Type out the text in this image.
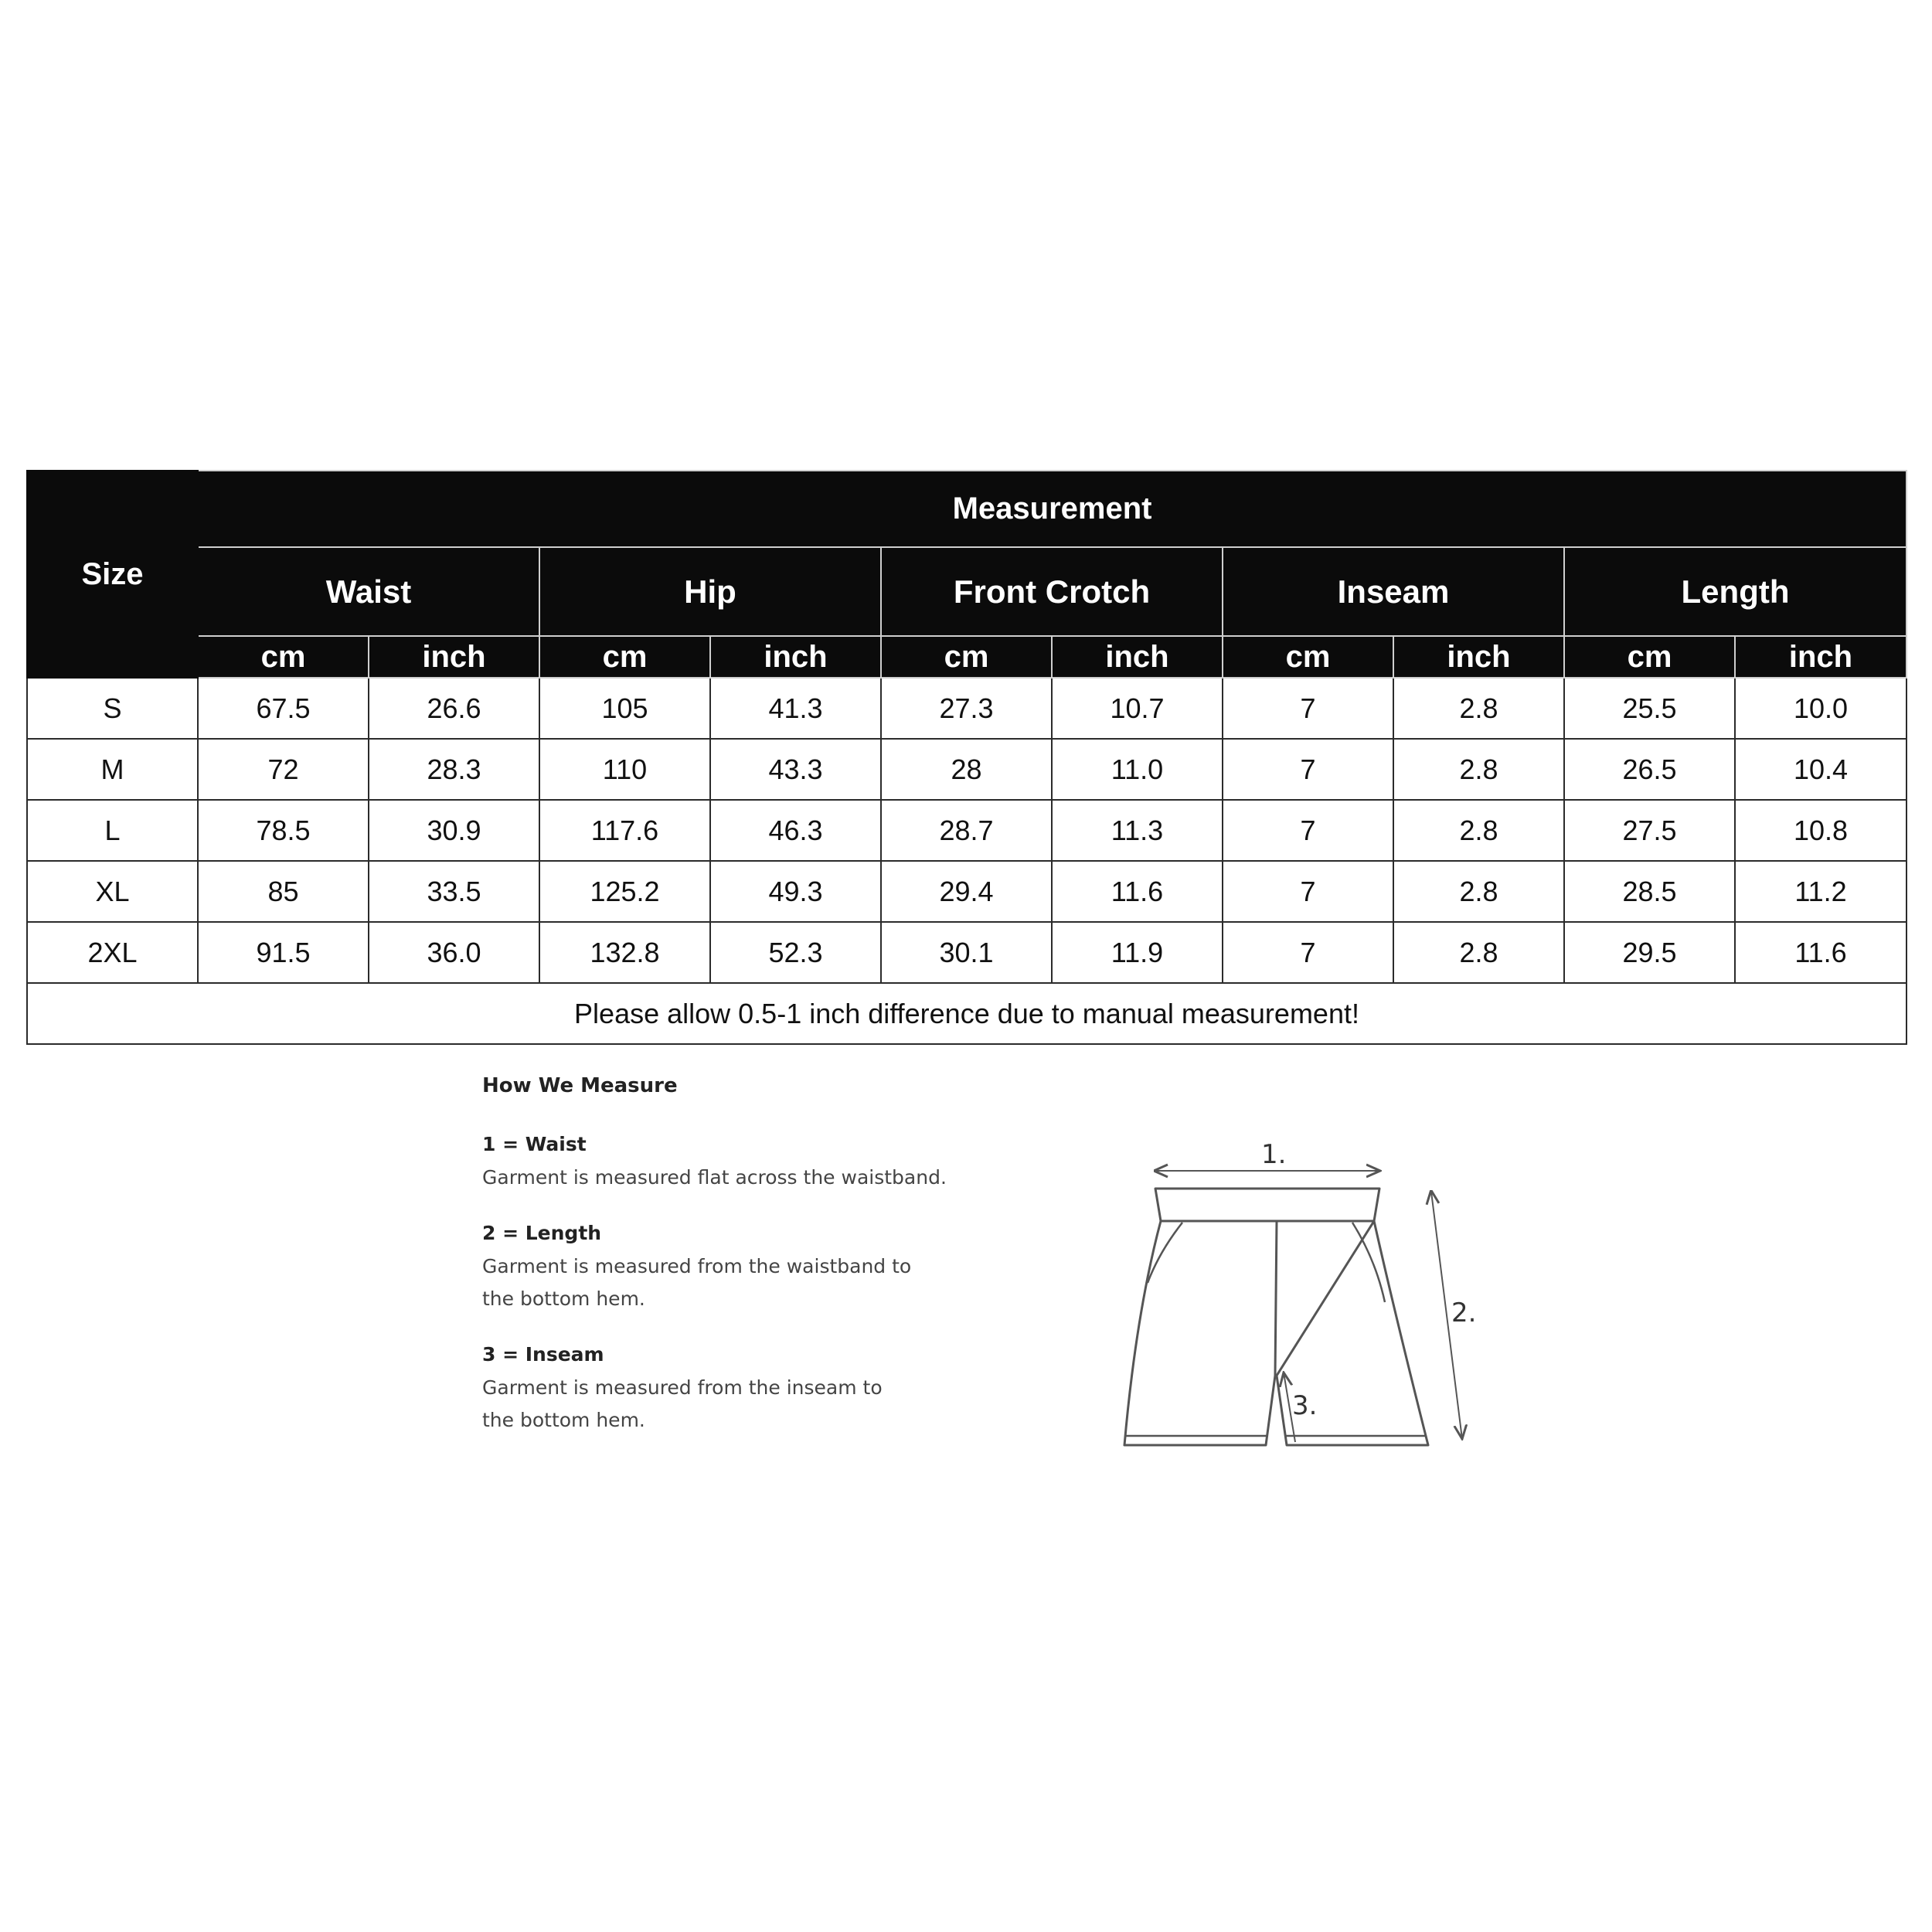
Size	Measurement									
	Waist		Hip		Front Crotch		Inseam		Length	
	cm	inch	cm	inch	cm	inch	cm	inch	cm	inch
S	67.5	26.6	105	41.3	27.3	10.7	7	2.8	25.5	10.0
M	72	28.3	110	43.3	28	11.0	7	2.8	26.5	10.4
L	78.5	30.9	117.6	46.3	28.7	11.3	7	2.8	27.5	10.8
XL	85	33.5	125.2	49.3	29.4	11.6	7	2.8	28.5	11.2
2XL	91.5	36.0	132.8	52.3	30.1	11.9	7	2.8	29.5	11.6
Please allow 0.5-1 inch difference due to manual measurement!										
How We Measure
1 = Waist
Garment is measured flat across the waistband.
2 = Length
Garment is measured from the waistband to the bottom hem.
3 = Inseam
Garment is measured from the inseam to the bottom hem.
1.
2.
3.
